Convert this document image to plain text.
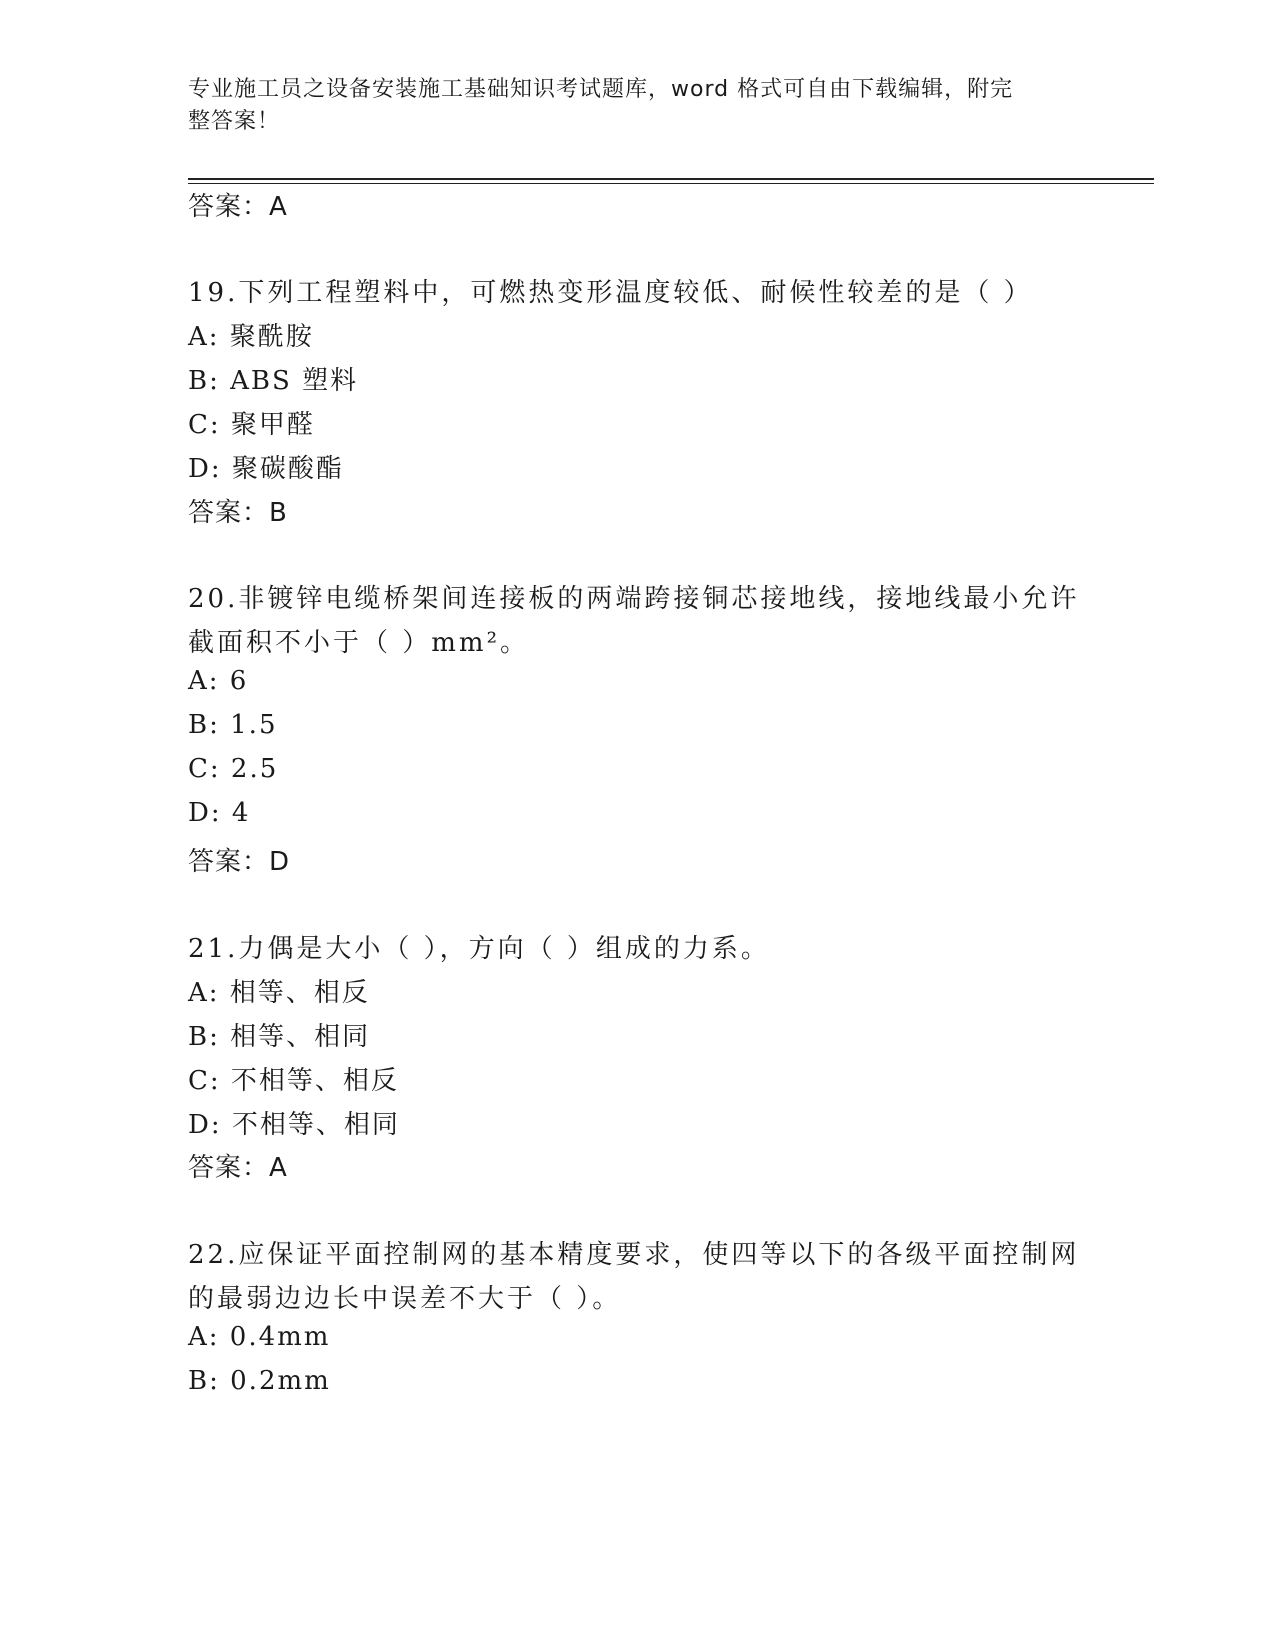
专业施工员之设备安装施工基础知识考试题库，word 格式可自由下载编辑，附完
整答案！
答案：A
19.下列工程塑料中，可燃热变形温度较低、耐候性较差的是（ ）
A: 聚酰胺
B: ABS 塑料
C: 聚甲醛
D: 聚碳酸酯
答案：B
20.非镀锌电缆桥架间连接板的两端跨接铜芯接地线，接地线最小允许
截面积不小于（ ）mm²。
A: 6
B: 1.5
C: 2.5
D: 4
答案：D
21.力偶是大小（ ），方向（ ）组成的力系。
A: 相等、相反
B: 相等、相同
C: 不相等、相反
D: 不相等、相同
答案：A
22.应保证平面控制网的基本精度要求，使四等以下的各级平面控制网
的最弱边边长中误差不大于（ ）。
A: 0.4mm
B: 0.2mm
